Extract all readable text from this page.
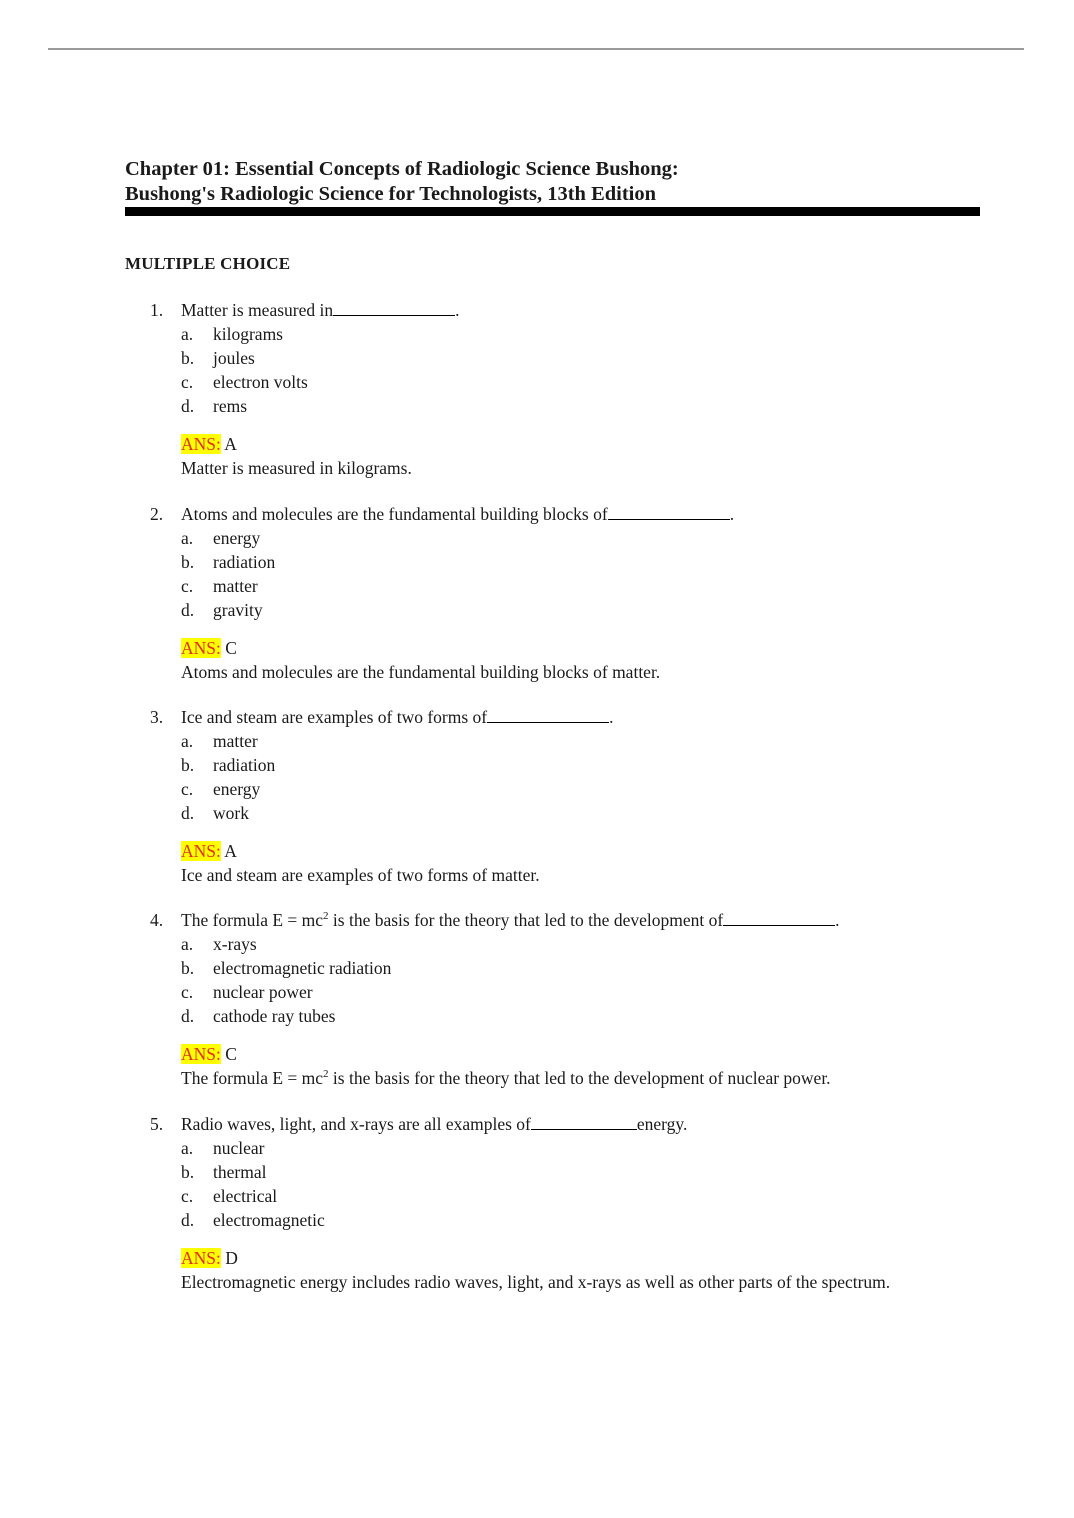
Chapter 01: Essential Concepts of Radiologic Science Bushong:
Bushong's Radiologic Science for Technologists, 13th Edition
MULTIPLE CHOICE
1.	Matter is measured in	.
a.	kilograms
b.	joules
c.	electron volts
d.	rems
ANS: A
Matter is measured in kilograms.
2.	Atoms and molecules are the fundamental building blocks of	.
a.	energy
b.	radiation
c.	matter
d.	gravity
ANS: C
Atoms and molecules are the fundamental building blocks of matter.
3.	Ice and steam are examples of two forms of	.
a.	matter
b.	radiation
c.	energy
d.	work
ANS: A
Ice and steam are examples of two forms of matter.
4.	The formula $E = mc^2$ is the basis for the theory that led to the development of	.
a.	x-rays
b.	electromagnetic radiation
c.	nuclear power
d.	cathode ray tubes
ANS: C
The formula $E = mc^2$ is the basis for the theory that led to the development of nuclear power.
5.	Radio waves, light, and x-rays are all examples of	energy.
a.	nuclear
b.	thermal
c.	electrical
d.	electromagnetic
ANS: D
Electromagnetic energy includes radio waves, light, and x-rays as well as other parts of the spectrum.
